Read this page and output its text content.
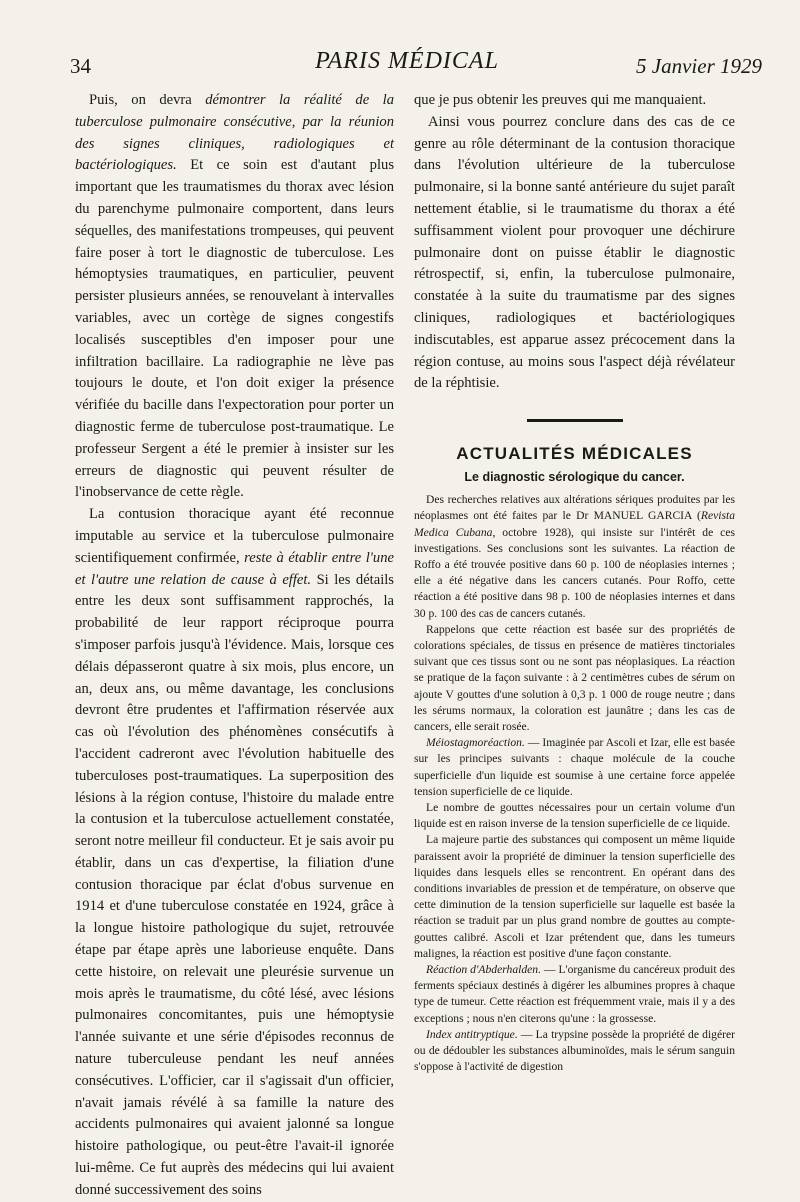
34	PARIS MÉDICAL	5 Janvier 1929

Puis, on devra démontrer la réalité de la tuberculose pulmonaire consécutive, par la réunion des signes cliniques, radiologiques et bactériologiques. Et ce soin est d'autant plus important que les traumatismes du thorax avec lésion du parenchyme pulmonaire comportent, dans leurs séquelles, des manifestations trompeuses, qui peuvent faire poser à tort le diagnostic de tuberculose. Les hémoptysies traumatiques, en particulier, peuvent persister plusieurs années, se renouvelant à intervalles variables, avec un cortège de signes congestifs localisés susceptibles d'en imposer pour une infiltration bacillaire. La radiographie ne lève pas toujours le doute, et l'on doit exiger la présence vérifiée du bacille dans l'expectoration pour porter un diagnostic ferme de tuberculose post-traumatique. Le professeur Sergent a été le premier à insister sur les erreurs de diagnostic qui peuvent résulter de l'inobservance de cette règle.

La contusion thoracique ayant été reconnue imputable au service et la tuberculose pulmonaire scientifiquement confirmée, reste à établir entre l'une et l'autre une relation de cause à effet. Si les détails entre les deux sont suffisamment rapprochés, la probabilité de leur rapport réciproque pourra s'imposer parfois jusqu'à l'évidence. Mais, lorsque ces délais dépasseront quatre à six mois, plus encore, un an, deux ans, ou même davantage, les conclusions devront être prudentes et l'affirmation réservée aux cas où l'évolution des phénomènes consécutifs à l'accident cadreront avec l'évolution habituelle des tuberculoses post-traumatiques. La superposition des lésions à la région contuse, l'histoire du malade entre la contusion et la tuberculose actuellement constatée, seront notre meilleur fil conducteur. Et je sais avoir pu établir, dans un cas d'expertise, la filiation d'une contusion thoracique par éclat d'obus survenue en 1914 et d'une tuberculose constatée en 1924, grâce à la longue histoire pathologique du sujet, retrouvée étape par étape après une laborieuse enquête. Dans cette histoire, on relevait une pleurésie survenue un mois après le traumatisme, du côté lésé, avec lésions pulmonaires concomitantes, puis une hémoptysie l'année suivante et une série d'épisodes reconnus de nature tuberculeuse pendant les neuf années consécutives. L'officier, car il s'agissait d'un officier, n'avait jamais révélé à sa famille la nature des accidents pulmonaires qui avaient jalonné sa longue histoire pathologique, ou peut-être l'avait-il ignorée lui-même. Ce fut auprès des médecins qui lui avaient donné successivement des soins

que je pus obtenir les preuves qui me manquaient.

Ainsi vous pourrez conclure dans des cas de ce genre au rôle déterminant de la contusion thoracique dans l'évolution ultérieure de la tuberculose pulmonaire, si la bonne santé antérieure du sujet paraît nettement établie, si le traumatisme du thorax a été suffisamment violent pour provoquer une déchirure pulmonaire dont on puisse établir le diagnostic rétrospectif, si, enfin, la tuberculose pulmonaire, constatée à la suite du traumatisme par des signes cliniques, radiologiques et bactériologiques indiscutables, est apparue assez précocement dans la région contuse, au moins sous l'aspect déjà révélateur de la réphtisie.

ACTUALITÉS MÉDICALES
Le diagnostic sérologique du cancer.

Des recherches relatives aux altérations sériques produites par les néoplasmes ont été faites par le Dr MANUEL GARCIA (Revista Medica Cubana, octobre 1928), qui insiste sur l'intérêt de ces investigations. Ses conclusions sont les suivantes. La réaction de Roffo a été trouvée positive dans 60 p. 100 de néoplasies internes ; elle a été négative dans les cancers cutanés. Pour Roffo, cette réaction a été positive dans 98 p. 100 de néoplasies internes et dans 30 p. 100 des cas de cancers cutanés.

Rappelons que cette réaction est basée sur des propriétés de colorations spéciales, de tissus en présence de matières tinctoriales suivant que ces tissus sont ou ne sont pas néoplasiques. La réaction se pratique de la façon suivante : à 2 centimètres cubes de sérum on ajoute V gouttes d'une solution à 0,3 p. 1 000 de rouge neutre ; dans les sérums normaux, la coloration est jaunâtre ; dans les cas de cancers, elle serait rosée.

Méiostagmoréaction. — Imaginée par Ascoli et Izar, elle est basée sur les principes suivants : chaque molécule de la couche superficielle d'un liquide est soumise à une certaine force appelée tension superficielle de ce liquide.

Le nombre de gouttes nécessaires pour un certain volume d'un liquide est en raison inverse de la tension superficielle de ce liquide.

La majeure partie des substances qui composent un même liquide paraissent avoir la propriété de diminuer la tension superficielle des liquides dans lesquels elles se rencontrent. En opérant dans des conditions invariables de pression et de température, on observe que cette diminution de la tension superficielle sur laquelle est basée la réaction se traduit par un plus grand nombre de gouttes au compte-gouttes calibré. Ascoli et Izar prétendent que, dans les tumeurs malignes, la réaction est positive d'une façon constante.

Réaction d'Abderhalden. — L'organisme du cancéreux produit des ferments spéciaux destinés à digérer les albumines propres à chaque type de tumeur. Cette réaction est fréquemment vraie, mais il y a des exceptions ; nous n'en citerons qu'une : la grossesse.

Index antitryptique. — La trypsine possède la propriété de digérer ou de dédoubler les substances albuminoïdes, mais le sérum sanguin s'oppose à l'activité de digestion
